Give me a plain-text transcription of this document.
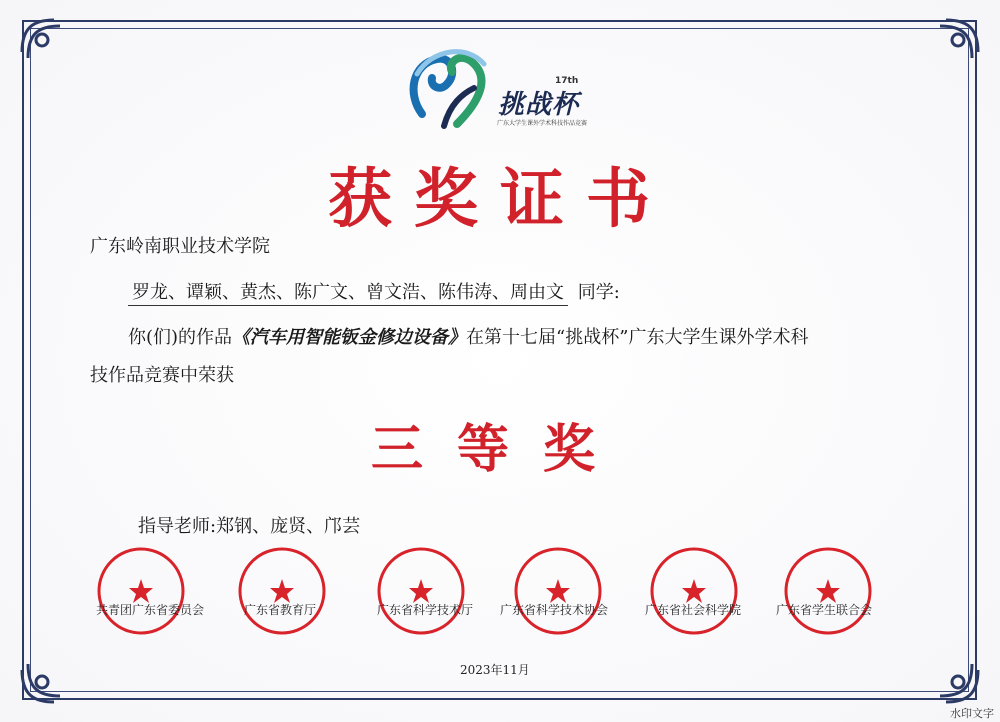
17th
挑战杯
广东大学生课外学术科技作品竞赛
获奖证书
广东岭南职业技术学院
罗龙、谭颖、黄杰、陈广文、曾文浩、陈伟涛、周由文 同学:
你(们)的作品《汽车用智能钣金修边设备》在第十七届“挑战杯”广东大学生课外学术科
技作品竞赛中荣获
三等奖
指导老师:郑钢、庞贤、邝芸
共青团广东省委员会	广东省教育厅	广东省科学技术厅 广东省科学技术协会	广东省社会科学院	广东省学生联合会
2023年11月
水印文字
